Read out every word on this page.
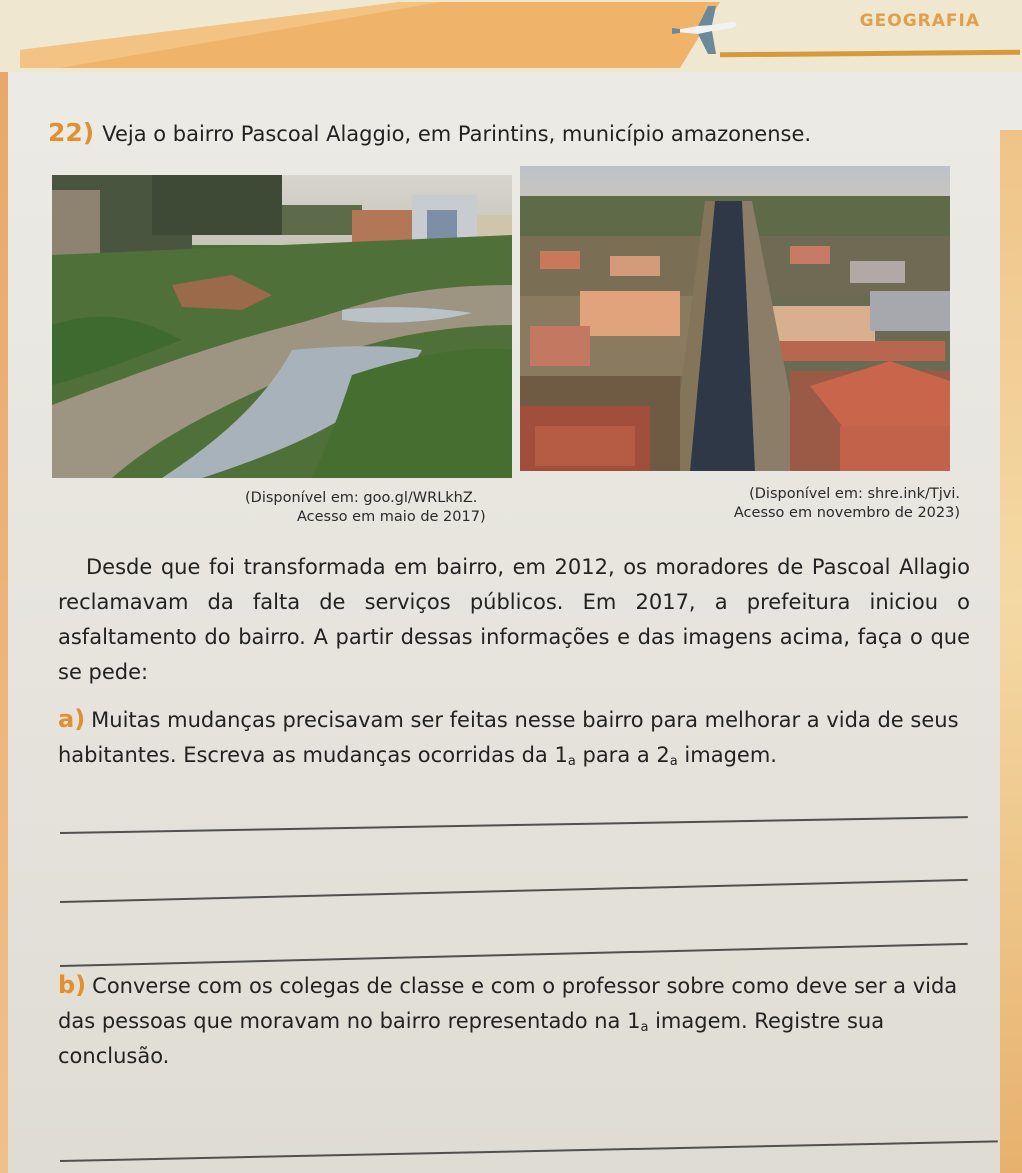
GEOGRAFIA
22) Veja o bairro Pascoal Alaggio, em Parintins, município amazonense.
(Disponível em: goo.gl/WRLkhZ.
Acesso em maio de 2017)
(Disponível em: shre.ink/Tjvi.
Acesso em novembro de 2023)
Desde que foi transformada em bairro, em 2012, os moradores de Pascoal Allagio reclamavam da falta de serviços públicos. Em 2017, a prefeitura iniciou o asfaltamento do bairro. A partir dessas informações e das imagens acima, faça o que se pede:
a) Muitas mudanças precisavam ser feitas nesse bairro para melhorar a vida de seus habitantes. Escreva as mudanças ocorridas da 1$^a$ para a 2$^a$ imagem.
b) Converse com os colegas de classe e com o professor sobre como deve ser a vida das pessoas que moravam no bairro representado na 1$^a$ imagem. Registre sua conclusão.
